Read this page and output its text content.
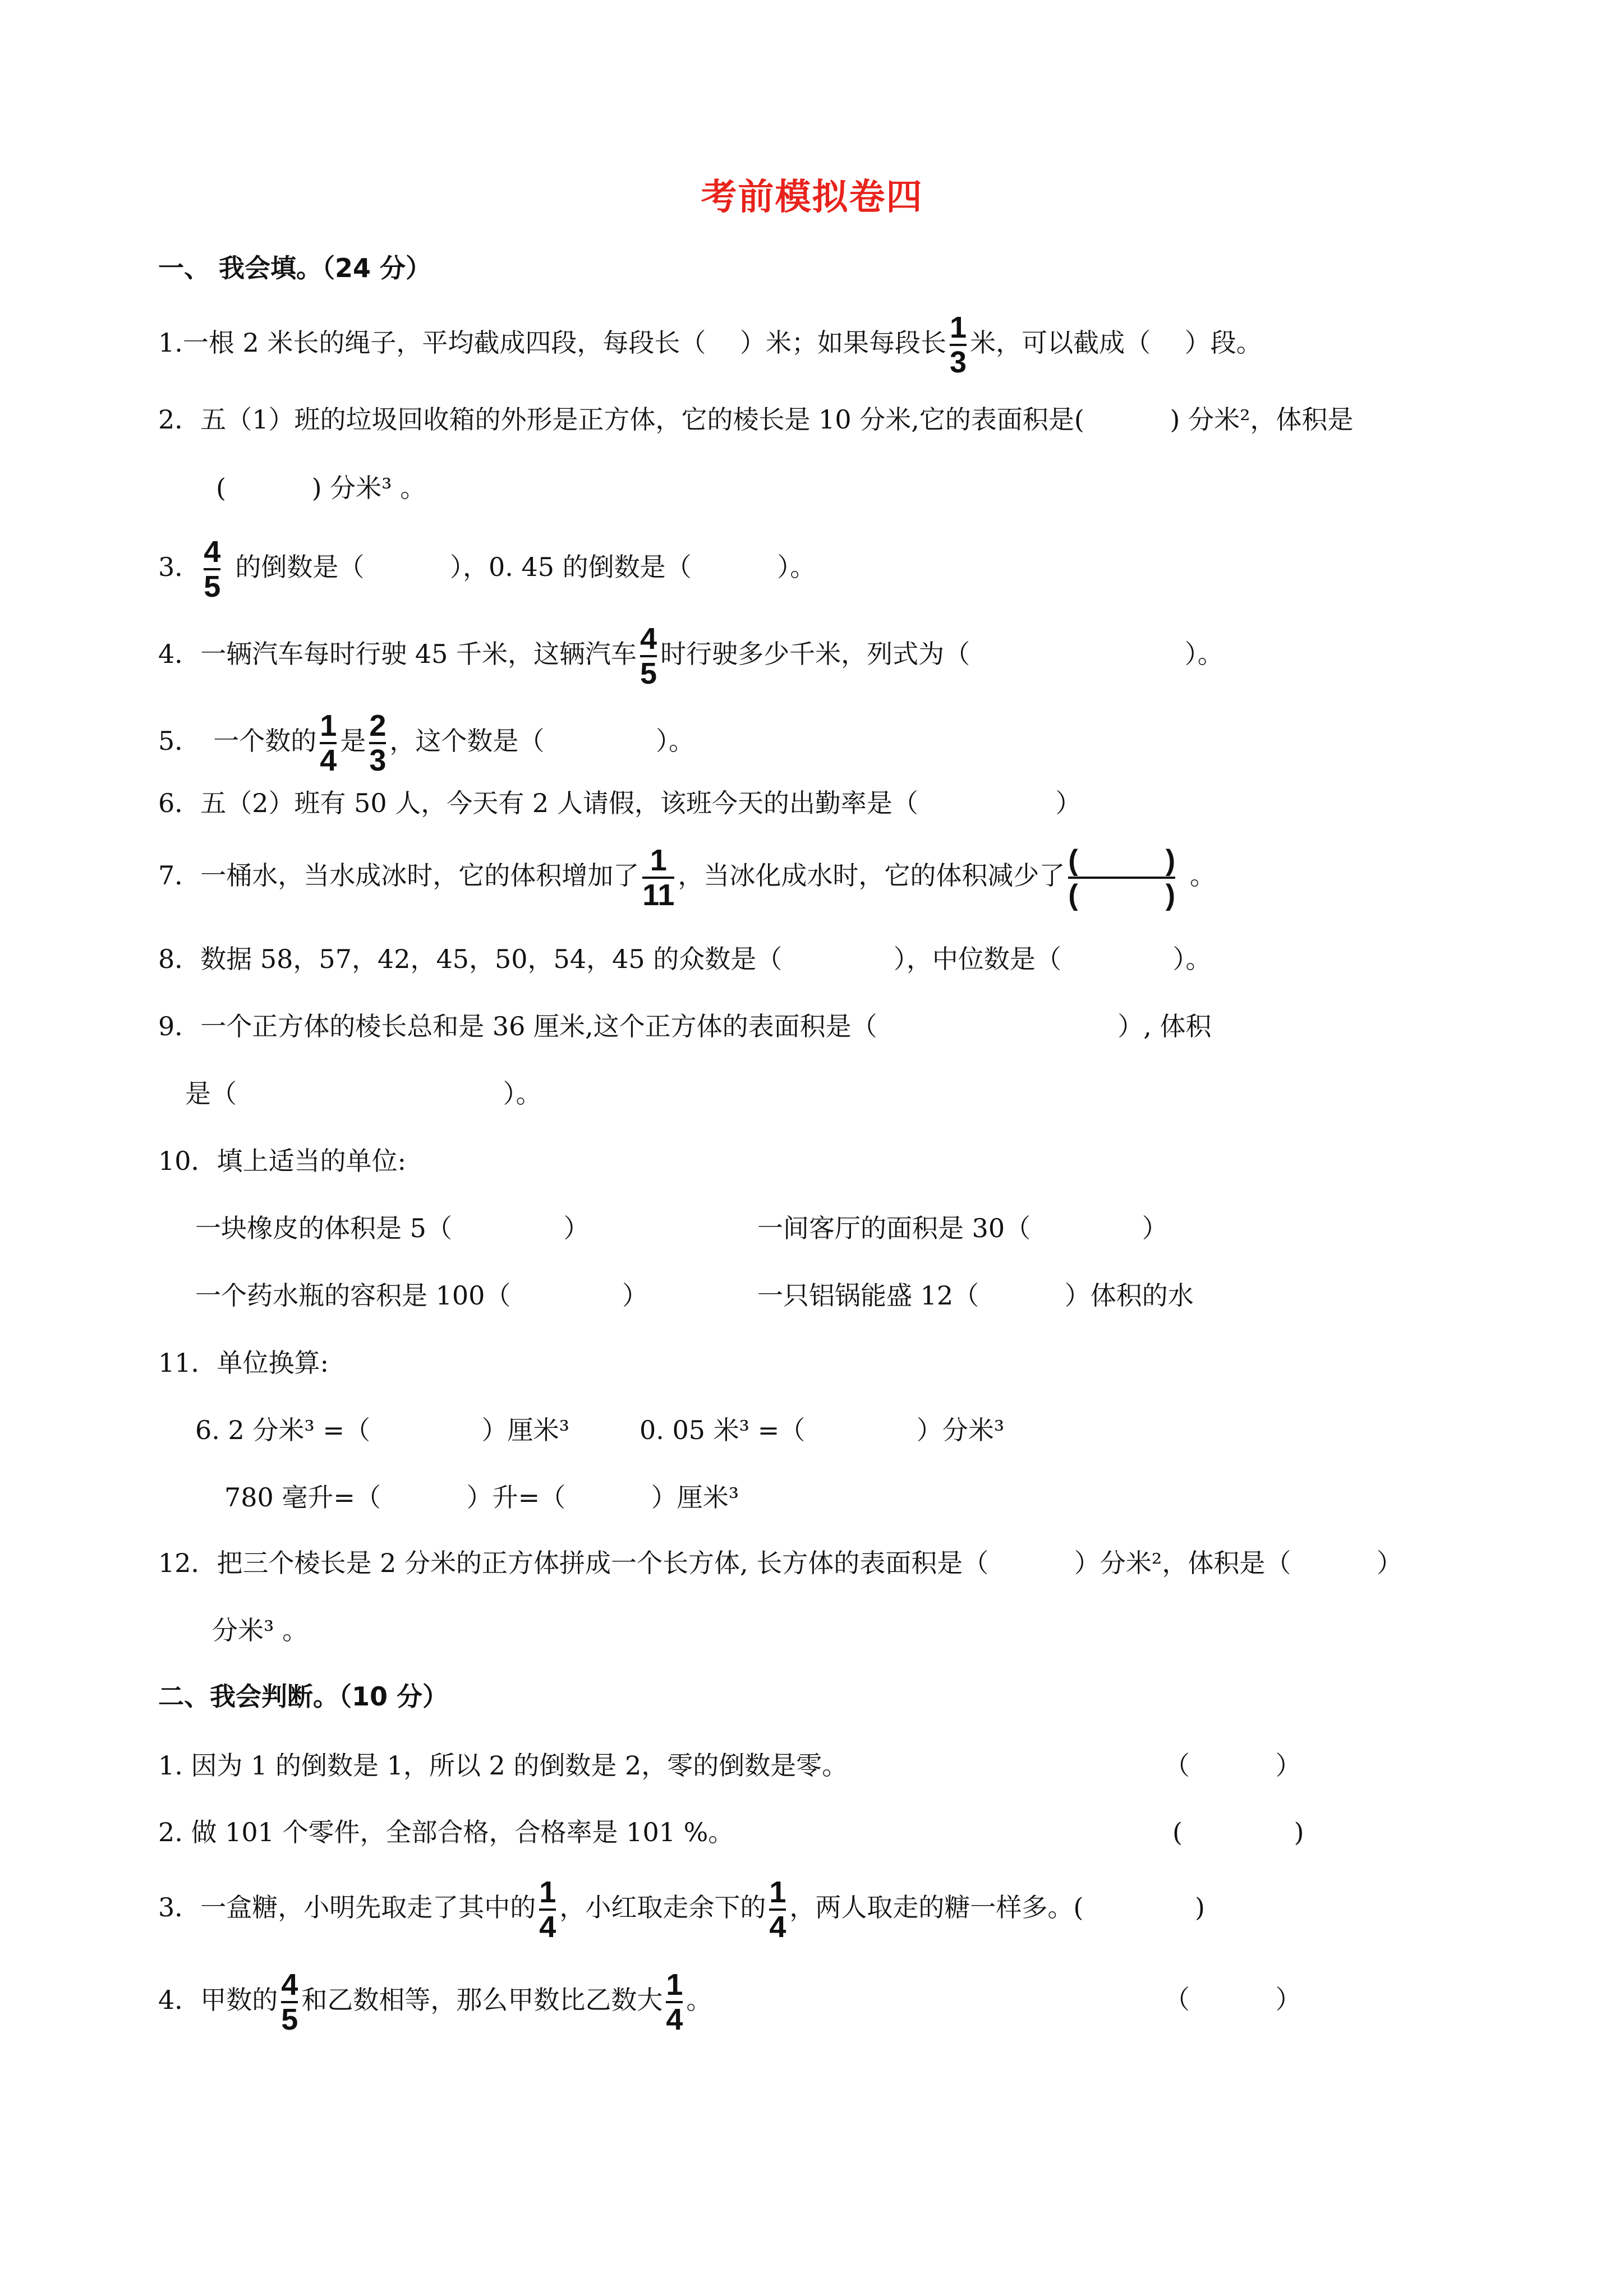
考前模拟卷四
一、 我会填。（24 分）
1.一根 2 米长的绳子，平均截成四段，每段长（　 ）米；如果每段长 $\frac{1}{3}$ 米，可以截成（　 ）段。
2．五（1）班的垃圾回收箱的外形是正方体，它的棱长是 10 分米,它的表面积是(　　　 ) 分米²，体积是
(　　　 ) 分米³ 。
3． $\frac{4}{5}$ 的倒数是（　　　 ），0. 45 的倒数是（　　　 ）。
4．一辆汽车每时行驶 45 千米，这辆汽车 $\frac{4}{5}$ 时行驶多少千米，列式为（　　　　　　　　 ）。
5．　一个数的 $\frac{1}{4}$ 是 $\frac{2}{3}$ ，这个数是（　　　　 ）。
6．五（2）班有 50 人，今天有 2 人请假，该班今天的出勤率是（　　　　　 ）
7．一桶水，当水成冰时，它的体积增加了 $\frac{1}{11}$ ，当冰化成水时，它的体积减少了 $\frac{( )}{( )}$ 。
8．数据 58，57，42，45，50，54，45 的众数是（　　　　 ），中位数是（　　　　 ）。
9．一个正方体的棱长总和是 36 厘米,这个正方体的表面积是（　　　　　　　　　 ）, 体积
是（　　　　　　　　　　 ）。
10．填上适当的单位:
一块橡皮的体积是 5（　　　　 ）	一间客厅的面积是 30（　　　　 ）
一个药水瓶的容积是 100（　　　　 ）	一只铝锅能盛 12（　　　 ）体积的水
11．单位换算:
6. 2 分米³ =（　　　　 ）厘米³	0. 05 米³ =（　　　　 ）分米³
780 毫升=（　　　 ）升=（　　　 ）厘米³
12．把三个棱长是 2 分米的正方体拼成一个长方体, 长方体的表面积是（　　　 ）分米²，体积是（　　　 ）
分米³ 。
二、我会判断。（10 分）
1. 因为 1 的倒数是 1，所以 2 的倒数是 2，零的倒数是零。	（　　　 ）
2. 做 101 个零件，全部合格，合格率是 101 %。	(　　　　 )
3．一盒糖，小明先取走了其中的 $\frac{1}{4}$ ，小红取走余下的 $\frac{1}{4}$ ，两人取走的糖一样多。(　　　　 )
4．甲数的 $\frac{4}{5}$ 和乙数相等，那么甲数比乙数大 $\frac{1}{4}$ 。	（　　　 ）
